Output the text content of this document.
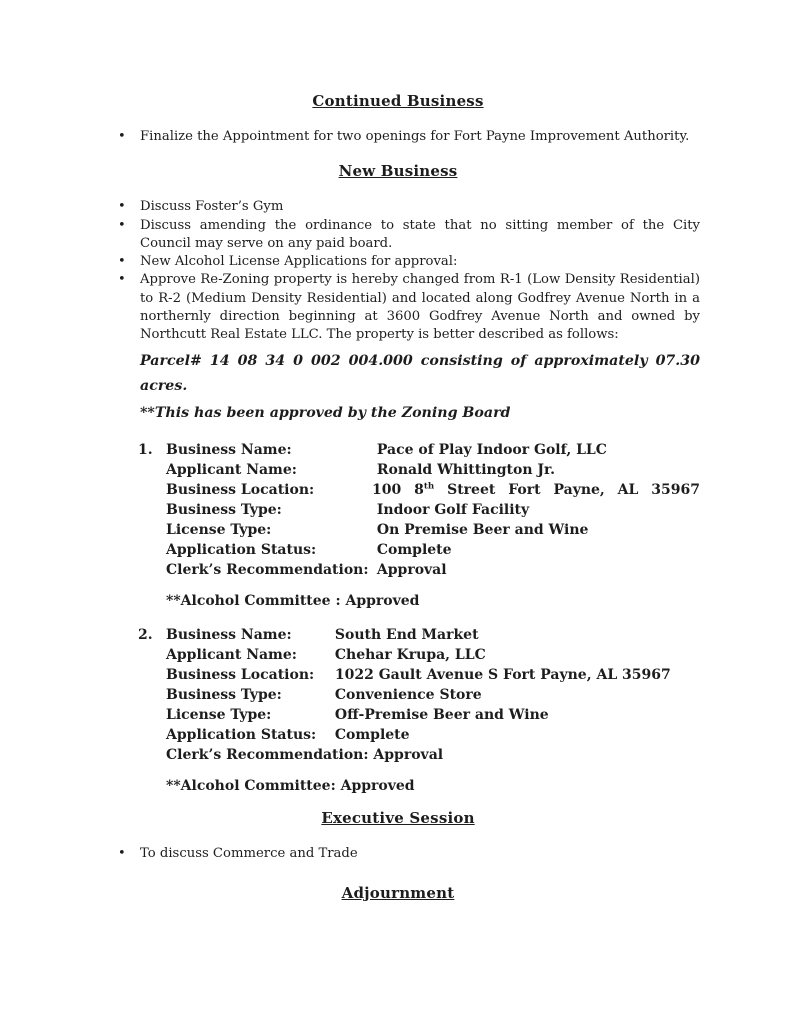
Continued Business
• Finalize the Appointment for two openings for Fort Payne Improvement Authority.
New Business
• Discuss Foster’s Gym
• Discuss amending the ordinance to state that no sitting member of the City Council may serve on any paid board.
• New Alcohol License Applications for approval:
• Approve Re-Zoning property is hereby changed from R-1 (Low Density Residential) to R-2 (Medium Density Residential) and located along Godfrey Avenue North in a northernly direction beginning at 3600 Godfrey Avenue North and owned by Northcutt Real Estate LLC. The property is better described as follows:

Parcel# 14 08 34 0 002 004.000 consisting of approximately 07.30

acres.

**This has been approved by the Zoning Board

1. Business Name:	Pace of Play Indoor Golf, LLC
Applicant Name:	Ronald Whittington Jr.
Business Location:	100 8th Street Fort Payne, AL 35967
Business Type:	Indoor Golf Facility
License Type:	On Premise Beer and Wine
Application Status:	Complete
Clerk’s Recommendation: Approval

**Alcohol Committee : Approved

2. Business Name:	South End Market
Applicant Name:	Chehar Krupa, LLC
Business Location: 1022 Gault Avenue S Fort Payne, AL 35967
Business Type:	Convenience Store
License Type:	Off-Premise Beer and Wine
Application Status: Complete
Clerk’s Recommendation: Approval

**Alcohol Committee: Approved

Executive Session
• To discuss Commerce and Trade
Adjournment
